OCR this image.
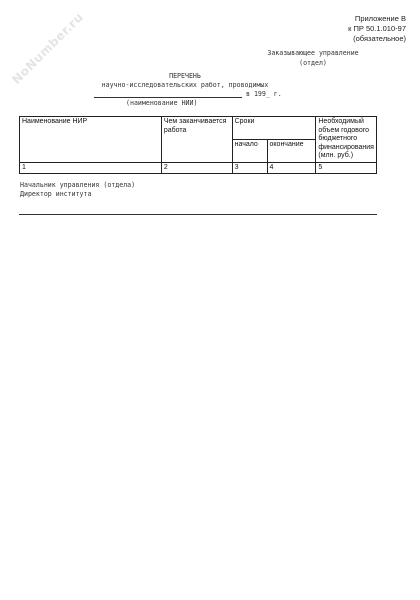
NoNumber.ru	Приложение В
к ПР 50.1.010-97
(обязательное)
Заказывающее управление
(отдел)
ПЕРЕЧЕНЬ
научно-исследовательских работ, проводимых
в 199_ г.
(наименование НИИ)
Наименование НИР	Чем заканчивается работа	Сроки		Необходимый объем годового бюджетного финансирования (млн. руб.)
		начало	окончание	
1	2	3	4	5
Начальник управления (отдела)
Директор института
